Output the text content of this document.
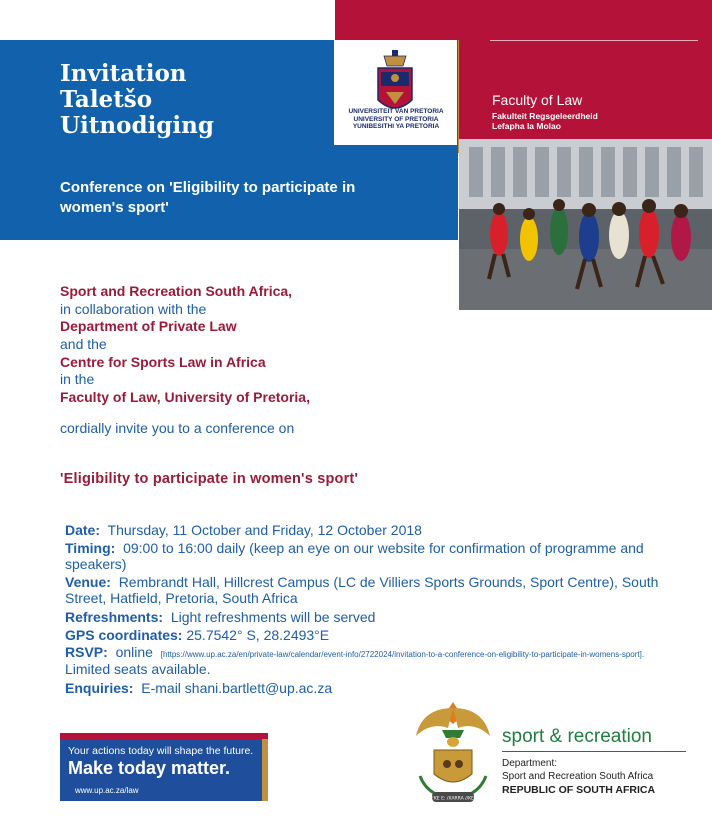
UNIVERSITEIT VAN PRETORIA
UNIVERSITY OF PRETORIA
YUNIBESITHI YA PRETORIA
Invitation
Taletšo
Uitnodiging
Conference on 'Eligibility to participate in women's sport'
Faculty of Law
Fakulteit Regsgeleerdheid
Lefapha la Molao
Sport and Recreation South Africa,
in collaboration with the
Department of Private Law
and the
Centre for Sports Law in Africa
in the
Faculty of Law, University of Pretoria,
cordially invite you to a conference on
'Eligibility to participate in women's sport'
Date: Thursday, 11 October and Friday, 12 October 2018
Timing: 09:00 to 16:00 daily (keep an eye on our website for confirmation of programme and speakers)
Venue: Rembrandt Hall, Hillcrest Campus (LC de Villiers Sports Grounds, Sport Centre), South Street, Hatfield, Pretoria, South Africa
Refreshments: Light refreshments will be served
GPS coordinates: 25.7542° S, 28.2493°E
RSVP: online [https://www.up.ac.za/en/private-law/calendar/event-info/2722024/invitation-to-a-conference-on-eligibility-to-participate-in-womens-sport].  Limited seats available.
Enquiries: E-mail shani.bartlett@up.ac.za
Your actions today will shape the future.
Make today matter.
www.up.ac.za/law
!KE E: /XARRA //KE
sport & recreation
Department:
Sport and Recreation South Africa
REPUBLIC OF SOUTH AFRICA
